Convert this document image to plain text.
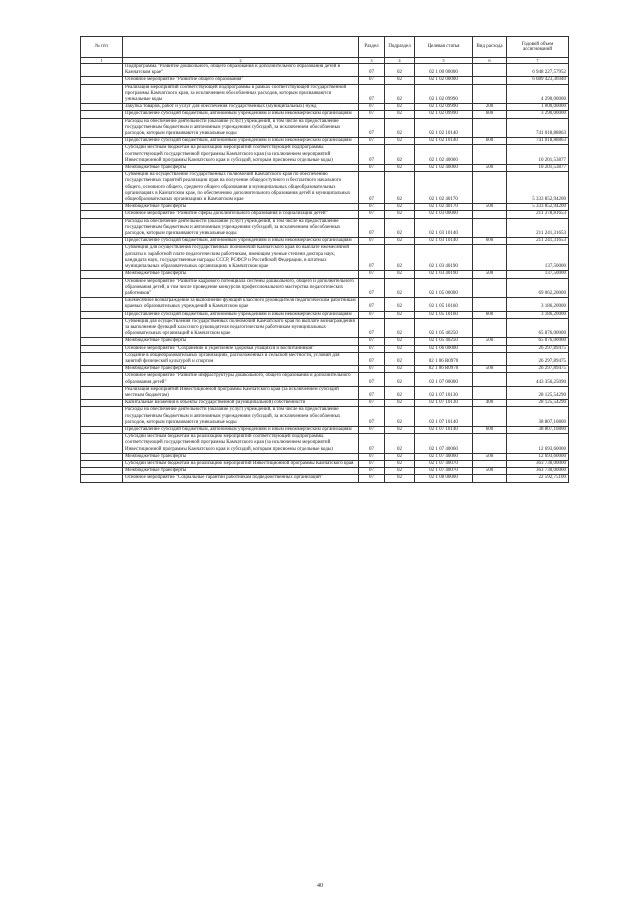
№ п/п		Раздел	Подраздел	Целевая статья	Вид расхода	Годовой объем ассигнований
1	2	3	4	5	6	7
	Подпрограмма "Развитие дошкольного, общего образования и дополнительного образования детей в Камчатском крае"	07	02	02 1 00 00000		6 948 227,57952
	Основное мероприятие "Развитие общего образования"	07	02	02 1 02 00000		6 689 423,36940
	Реализация мероприятий соответствующей подпрограммы в рамках соответствующей государственной программы Камчатского края, за исключением обособленных расходов, которым присваиваются уникальные коды	07	02	02 1 02 09990		4 290,00000
	Закупка товаров, работ и услуг для обеспечения государственных (муниципальных) нужд	07	02	02 1 02 09990	200	1 000,00000
	Предоставление субсидий бюджетным, автономным учреждениям и иным некоммерческим организациям	07	02	02 1 02 09990	600	3 290,00000
	Расходы на обеспечение деятельности (оказание услуг) учреждений, в том числе на предоставление государственным бюджетным и автономным учреждениям субсидий, за исключением обособленных расходов, которым присваиваются уникальные коды	07	02	02 1 02 10140		741 018,88863
	Предоставление субсидий бюджетным, автономным учреждениям и иным некоммерческим организациям	07	02	02 1 02 10140	600	741 018,88863
	Субсидии местным бюджетам на реализацию мероприятий соответствующей подпрограммы соответствующей государственной программы Камчатского края (за исключением мероприятий Инвестиционной программы Камчатского края и субсидий, которым присвоены отдельные коды)	07	02	02 1 02 40060		10 201,53877
	Межбюджетные трансферты	07	02	02 1 02 40060	500	10 201,53877
	Субвенции на осуществление государственных полномочий Камчатского края по обеспечению государственных гарантий реализации прав на получение общедоступного и бесплатного начального общего, основного общего, среднего общего образования в муниципальных общеобразовательных организациях в Камчатском крае, по обеспечению дополнительного образования детей в муниципальных общеобразовательных организациях в Камчатском крае	07	02	02 1 02 40170		5 333 852,94200
	Межбюджетные трансферты	07	02	02 1 02 40170	500	5 333 852,94200
	Основное мероприятие "Развитие сферы дополнительного образования и социализации детей"	07	02	02 1 03 00000		211 378,81653
	Расходы на обеспечение деятельности (оказание услуг) учреждений, в том числе на предоставление государственным бюджетным и автономным учреждениям субсидий, за исключением обособленных расходов, которым присваиваются уникальные коды	07	02	02 1 03 10140		211 241,31653
	Предоставление субсидий бюджетным, автономным учреждениям и иным некоммерческим организациям	07	02	02 1 03 10140	600	211 241,31653
	Субвенции для осуществления государственных полномочий Камчатского края по выплате ежемесячной доплаты к заработной плате педагогическим работникам, имеющим ученые степени доктора наук, кандидата наук, государственные награды СССР, РСФСР и Российской Федерации, в штатных муниципальных образовательных организациях в Камчатском крае	07	02	02 1 03 40190		137,50000
	Межбюджетные трансферты	07	02	02 1 03 40190	500	137,50000
	Основное мероприятие "Развитие кадрового потенциала системы дошкольного, общего и дополнительного образования детей, в том числе проведение конкурсов профессионального мастерства педагогических работников"	07	02	02 1 05 00000		69 062,20000
	Ежемесячное вознаграждение за выполнение функций классного руководителя педагогическим работникам краевых образовательных учреждений в Камчатском крае	07	02	02 1 05 10160		3 186,20000
	Предоставление субсидий бюджетным, автономным учреждениям и иным некоммерческим организациям	07	02	02 1 05 10160	600	3 186,20000
	Субвенция для осуществления государственных полномочий Камчатского края по выплате вознаграждения за выполнение функций классного руководителя педагогическим работникам муниципальных образовательных организаций в Камчатском крае	07	02	02 1 05 40250		65 876,00000
	Межбюджетные трансферты	07	02	02 1 05 40250	500	65 876,00000
	Основное мероприятие "Сохранение и укрепление здоровья учащихся и воспитанников"	07	02	02 1 06 00000		26 297,89475
	Создание в общеобразовательных организациях, расположенных в сельской местности, условий для занятий физической культурой и спортом	07	02	02 1 06 R0970		26 297,89475
	Межбюджетные трансферты	07	02	02 1 06 R0970	500	26 297,89475
	Основное мероприятие "Развитие инфраструктуры дошкольного, общего образования и дополнительного образования детей"	07	02	02 1 07 00000		443 356,25090
	Реализация мероприятий Инвестиционной программы Камчатского края (за исключением субсидий местным бюджетам)	07	02	02 1 07 10130		28 125,54290
	Капитальные вложения в объекты государственной (муниципальной) собственности	07	02	02 1 07 10130	400	28 125,54290
	Расходы на обеспечение деятельности (оказание услуг) учреждений, в том числе на предоставление государственным бюджетным и автономным учреждениям субсидий, за исключением обособленных расходов, которым присваиваются уникальные коды	07	02	02 1 07 10140		38 807,10800
	Предоставление субсидий бюджетным, автономным учреждениям и иным некоммерческим организациям	07	02	02 1 07 10140	600	38 807,10800
	Субсидии местным бюджетам на реализацию мероприятий соответствующей подпрограммы соответствующей государственной программы Камчатского края (за исключением мероприятий Инвестиционной программы Камчатского края и субсидий, которым присвоены отдельные коды)	07	02	02 1 07 40060		12 693,60000
	Межбюджетные трансферты	07	02	02 1 07 40060	500	12 693,60000
	Субсидии местным бюджетам на реализацию мероприятий Инвестиционной программы Камчатского края	07	02	02 1 07 40070		363 730,00000
	Межбюджетные трансферты	07	02	02 1 07 40070	500	363 730,00000
	Основное мероприятие "Социальные гарантии работникам подведомственных организаций"	07	02	02 1 08 00000		22 592,75100
40
